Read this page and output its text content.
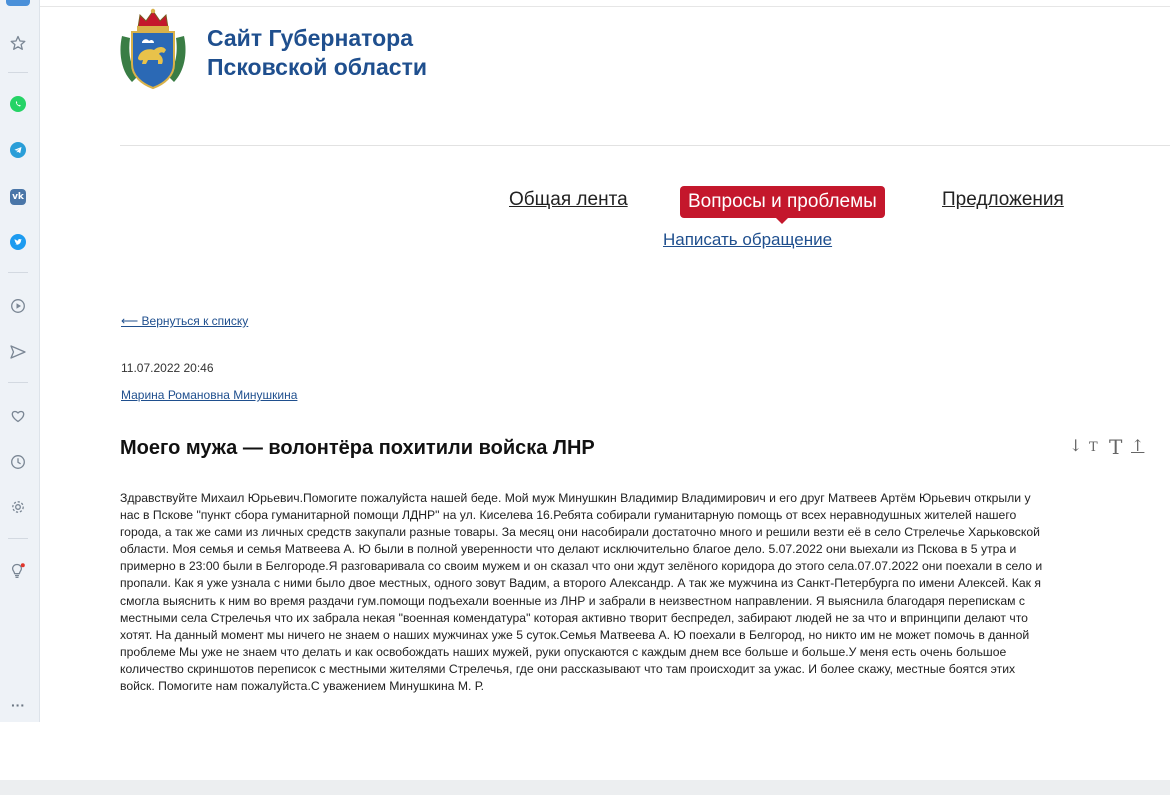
vk
···
Сайт Губернатора
Псковской области
Общая лента	Вопросы и проблемы	Предложения
Написать обращение
⟵ Вернуться к списку
11.07.2022 20:46
Марина Романовна Минушкина
Моего мужа — волонтёра похитили войска ЛНР	↓ T T ↑
Здравствуйте Михаил Юрьевич.Помогите пожалуйста нашей беде. Мой муж Минушкин Владимир Владимирович и его друг Матвеев Артём Юрьевич открыли у
нас в Пскове "пункт сбора гуманитарной помощи ЛДНР" на ул. Киселева 16.Ребята собирали гуманитарную помощь от всех неравнодушных жителей нашего
города, а так же сами из личных средств закупали разные товары. За месяц они насобирали достаточно много и решили везти её в село Стрелечье Харьковской
области. Моя семья и семья Матвеева А. Ю были в полной уверенности что делают исключительно благое дело. 5.07.2022 они выехали из Пскова в 5 утра и
примерно в 23:00 были в Белгороде.Я разговаривала со своим мужем и он сказал что они ждут зелёного коридора до этого села.07.07.2022 они поехали в село и
пропали. Как я уже узнала с ними было двое местных, одного зовут Вадим, а второго Александр. А так же мужчина из Санкт-Петербурга по имени Алексей. Как я
смогла выяснить к ним во время раздачи гум.помощи подъехали военные из ЛНР и забрали в неизвестном направлении. Я выяснила благодаря перепискам с
местными села Стрелечья что их забрала некая "военная комендатура" которая активно творит беспредел, забирают людей не за что и впринципи делают что
хотят. На данный момент мы ничего не знаем о наших мужчинах уже 5 суток.Семья Матвеева А. Ю поехали в Белгород, но никто им не может помочь в данной
проблеме Мы уже не знаем что делать и как освобождать наших мужей, руки опускаются с каждым днем все больше и больше.У меня есть очень большое
количество скриншотов переписок с местными жителями Стрелечья, где они рассказывают что там происходит за ужас. И более скажу, местные боятся этих
войск. Помогите нам пожалуйста.С уважением Минушкина М. Р.
